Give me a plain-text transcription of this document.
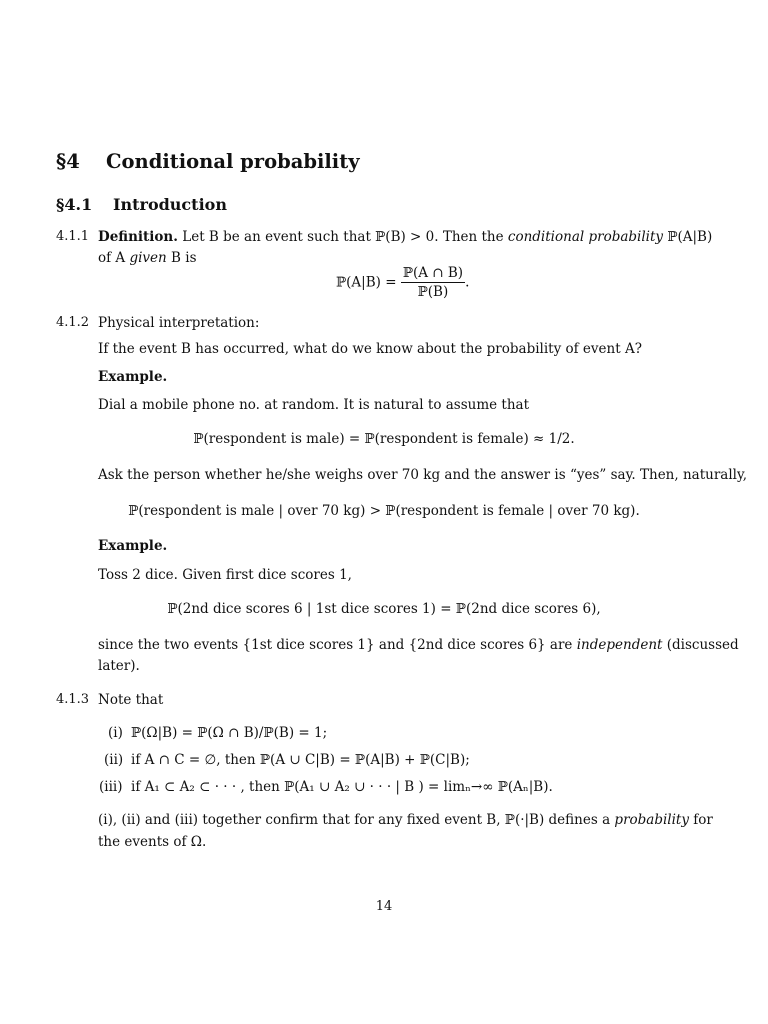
§4 Conditional probability
§4.1 Introduction
4.1.1 Definition. Let B be an event such that ℙ(B) > 0. Then the conditional probability ℙ(A|B)
of A given B is
ℙ(A|B) = $\frac{\text{ℙ(A ∩ B)}}{\text{ℙ(B)}}$ .
4.1.2 Physical interpretation:
If the event B has occurred, what do we know about the probability of event A?
Example.
Dial a mobile phone no. at random. It is natural to assume that
ℙ(respondent is male) = ℙ(respondent is female) ≈ 1/2.
Ask the person whether he/she weighs over 70 kg and the answer is “yes” say. Then, naturally,
ℙ(respondent is male | over 70 kg) > ℙ(respondent is female | over 70 kg).
Example.
Toss 2 dice. Given first dice scores 1,
ℙ(2nd dice scores 6 | 1st dice scores 1) = ℙ(2nd dice scores 6),
since the two events {1st dice scores 1} and {2nd dice scores 6} are independent (discussed
later).
4.1.3 Note that
(i) ℙ(Ω|B) = ℙ(Ω ∩ B)/ℙ(B) = 1;
(ii) if A ∩ C = ∅, then ℙ(A ∪ C|B) = ℙ(A|B) + ℙ(C|B);
(iii) if A₁ ⊂ A₂ ⊂ · · · , then ℙ(A₁ ∪ A₂ ∪ · · · | B ) = limₙ→∞ ℙ(Aₙ|B).
(i), (ii) and (iii) together confirm that for any fixed event B, ℙ(·|B) defines a probability for
the events of Ω.
14
